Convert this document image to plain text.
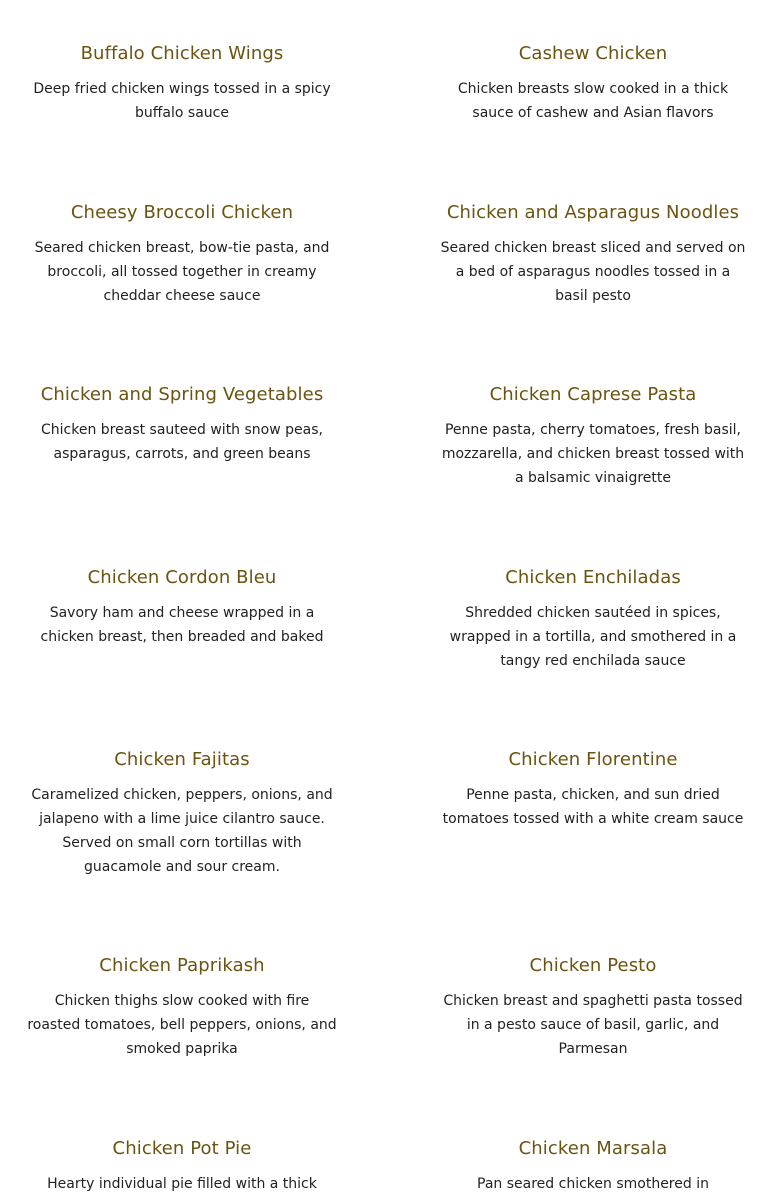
Buffalo Chicken Wings

Deep fried chicken wings tossed in a spicy buffalo sauce

Cashew Chicken

Chicken breasts slow cooked in a thick sauce of cashew and Asian flavors

Cheesy Broccoli Chicken

Seared chicken breast, bow-tie pasta, and broccoli, all tossed together in creamy cheddar cheese sauce

Chicken and Asparagus Noodles

Seared chicken breast sliced and served on a bed of asparagus noodles tossed in a basil pesto

Chicken and Spring Vegetables

Chicken breast sauteed with snow peas, asparagus, carrots, and green beans

Chicken Caprese Pasta

Penne pasta, cherry tomatoes, fresh basil, mozzarella, and chicken breast tossed with a balsamic vinaigrette

Chicken Cordon Bleu

Savory ham and cheese wrapped in a chicken breast, then breaded and baked

Chicken Enchiladas

Shredded chicken sautéed in spices, wrapped in a tortilla, and smothered in a tangy red enchilada sauce

Chicken Fajitas

Caramelized chicken, peppers, onions, and jalapeno with a lime juice cilantro sauce. Served on small corn tortillas with guacamole and sour cream.

Chicken Florentine

Penne pasta, chicken, and sun dried tomatoes tossed with a white cream sauce

Chicken Paprikash

Chicken thighs slow cooked with fire roasted tomatoes, bell peppers, onions, and smoked paprika

Chicken Pesto

Chicken breast and spaghetti pasta tossed in a pesto sauce of basil, garlic, and Parmesan

Chicken Pot Pie

Hearty individual pie filled with a thick

Chicken Marsala

Pan seared chicken smothered in
